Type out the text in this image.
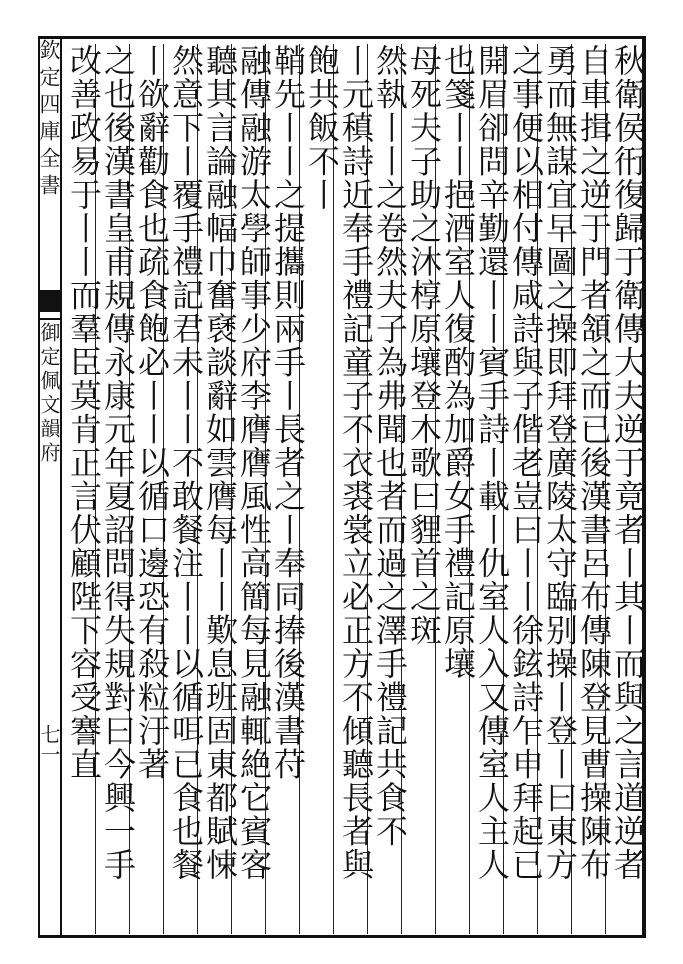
欽定四庫全書
御定佩文韻府
七一	秋衛侯衎復歸于衛傳大夫逆于竟者丨其丨而與之言道逆者
自車揖之逆于門者頷之而已後漢書呂布傳陳登見曹操陳布
勇而無謀宜早圖之操即拜登廣陵太守臨别操丨登丨曰東方
之事便以相付傳咸詩與子偕老豈曰丨丨徐鉉詩乍申拜起已
開眉卻問辛勤還丨丨賓手詩丨載丨仇室人入又傳室人主人
也箋丨丨挹酒室人復酌為加爵女手禮記原壤
母死夫子助之沐椁原壤登木歌曰貍首之斑
然執丨丨之卷然夫子為弗聞也者而過之澤手禮記共食不
丨元稹詩近奉手禮記童子不衣裘裳立必正方不傾聽長者與
飽共飯不丨
鞘先丨丨之提攜則兩手丨長者之丨奉同捧後漢書苻
融傳融游太學師事少府李膺膺風性高簡每見融輒絶它賓客
聽其言論融幅巾奮褎談辭如雲膺每丨丨歎息班固東都賦悚
然意下丨覆手禮記君未丨丨不敢餐注丨丨以循咡已食也餐
丨欲辭勸食也疏食飽必丨丨以循口邊恐有殺粒汙著
之也後漢書皇甫規傳永康元年夏詔問得失規對曰今興一手
改善政易于丨丨而羣臣莫肯正言伏顧陛下容受謇直
